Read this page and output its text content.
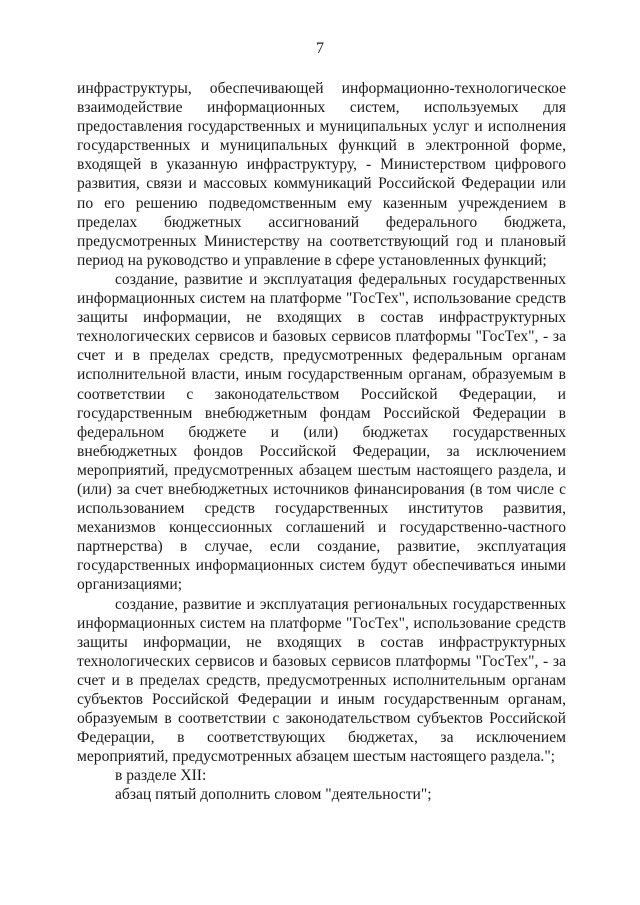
7

инфраструктуры, обеспечивающей информационно-технологическое взаимодействие информационных систем, используемых для предоставления государственных и муниципальных услуг и исполнения государственных и муниципальных функций в электронной форме, входящей в указанную инфраструктуру, - Министерством цифрового развития, связи и массовых коммуникаций Российской Федерации или по его решению подведомственным ему казенным учреждением в пределах бюджетных ассигнований федерального бюджета, предусмотренных Министерству на соответствующий год и плановый период на руководство и управление в сфере установленных функций;

создание, развитие и эксплуатация федеральных государственных информационных систем на платформе "ГосТех", использование средств защиты информации, не входящих в состав инфраструктурных технологических сервисов и базовых сервисов платформы "ГосТех", - за счет и в пределах средств, предусмотренных федеральным органам исполнительной власти, иным государственным органам, образуемым в соответствии с законодательством Российской Федерации, и государственным внебюджетным фондам Российской Федерации в федеральном бюджете и (или) бюджетах государственных внебюджетных фондов Российской Федерации, за исключением мероприятий, предусмотренных абзацем шестым настоящего раздела, и (или) за счет внебюджетных источников финансирования (в том числе с использованием средств государственных институтов развития, механизмов концессионных соглашений и государственно-частного партнерства) в случае, если создание, развитие, эксплуатация государственных информационных систем будут обеспечиваться иными организациями;

создание, развитие и эксплуатация региональных государственных информационных систем на платформе "ГосТех", использование средств защиты информации, не входящих в состав инфраструктурных технологических сервисов и базовых сервисов платформы "ГосТех", - за счет и в пределах средств, предусмотренных исполнительным органам субъектов Российской Федерации и иным государственным органам, образуемым в соответствии с законодательством субъектов Российской Федерации, в соответствующих бюджетах, за исключением мероприятий, предусмотренных абзацем шестым настоящего раздела.";

в разделе XII:

абзац пятый дополнить словом "деятельности";
